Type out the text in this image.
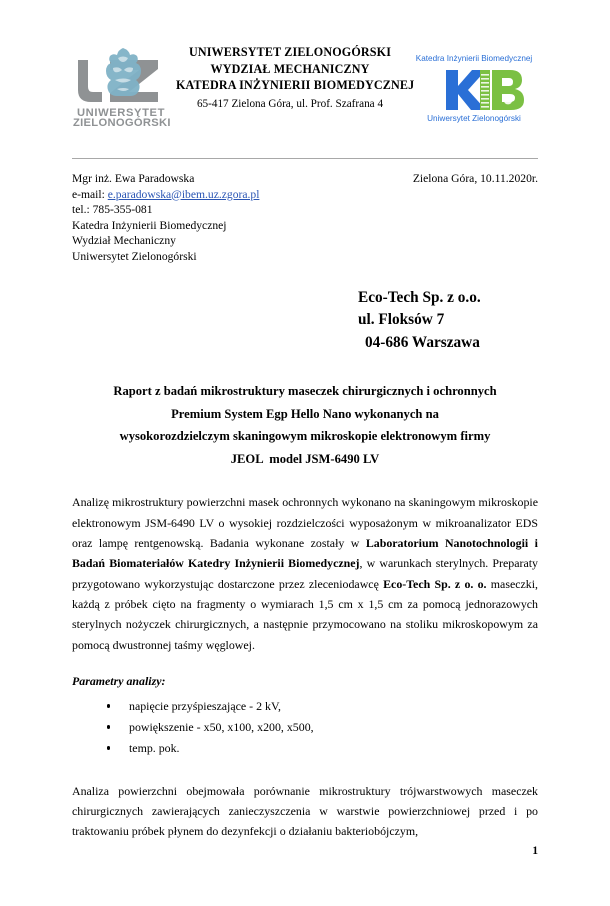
UNIWERSYTET
ZIELONOGÓRSKI
UNIWERSYTET ZIELONOGÓRSKI
WYDZIAŁ MECHANICZNY
KATEDRA INŻYNIERII BIOMEDYCZNEJ
65-417 Zielona Góra, ul. Prof. Szafrana 4
Katedra Inżynierii Biomedycznej
Uniwersytet Zielonogórski
Mgr inż. Ewa Paradowska
e-mail: e.paradowska@ibem.uz.zgora.pl
tel.: 785-355-081
Katedra Inżynierii Biomedycznej
Wydział Mechaniczny
Uniwersytet Zielonogórski
Zielona Góra, 10.11.2020r.
Eco-Tech Sp. z o.o.
ul. Floksów 7
04-686 Warszawa
Raport z badań mikrostruktury maseczek chirurgicznych i ochronnych
Premium System Egp Hello Nano wykonanych na
wysokorozdzielczym skaningowym mikroskopie elektronowym firmy
JEOL  model JSM-6490 LV

Analizę mikrostruktury powierzchni masek ochronnych wykonano na skaningowym mikroskopie elektronowym JSM-6490 LV o wysokiej rozdzielczości wyposażonym w mikroanalizator EDS oraz lampę rentgenowską. Badania wykonane zostały w Laboratorium Nanotochnologii i Badań Biomateriałów Katedry Inżynierii Biomedycznej, w warunkach sterylnych. Preparaty przygotowano wykorzystując dostarczone przez zleceniodawcę Eco-Tech Sp. z o. o. maseczki, każdą z próbek cięto na fragmenty o wymiarach 1,5 cm x 1,5 cm za pomocą jednorazowych sterylnych nożyczek chirurgicznych, a następnie przymocowano na stoliku mikroskopowym za pomocą dwustronnej taśmy węglowej.

Parametry analizy:
napięcie przyśpieszające - 2 kV,
powiększenie - x50, x100, x200, x500,
temp. pok.

Analiza powierzchni obejmowała porównanie mikrostruktury trójwarstwowych maseczek chirurgicznych zawierających zanieczyszczenia w warstwie powierzchniowej przed i po traktowaniu próbek płynem do dezynfekcji o działaniu bakteriobójczym,

1
